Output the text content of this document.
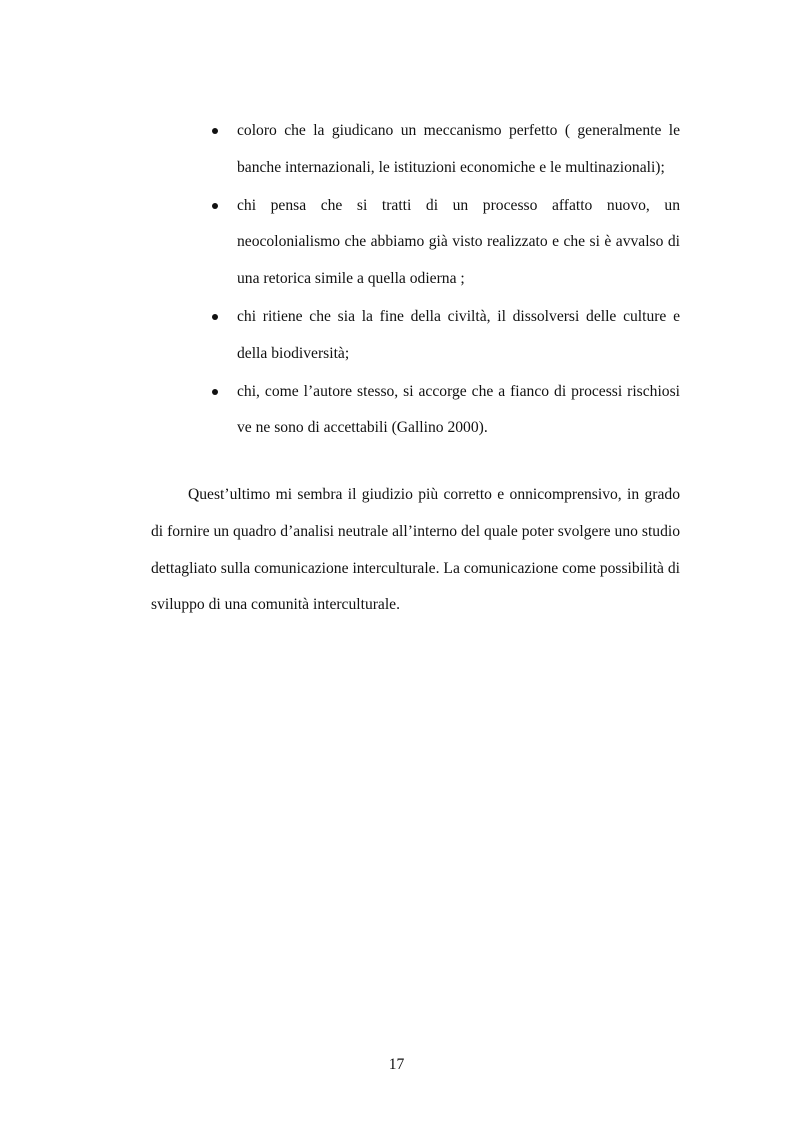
coloro che la giudicano un meccanismo perfetto ( generalmente le banche internazionali, le istituzioni economiche e le multinazionali);
chi pensa che si tratti di un processo affatto nuovo, un neocolonialismo che abbiamo già visto realizzato e che si è avvalso di una retorica simile a quella odierna ;
chi ritiene che sia la fine della civiltà, il dissolversi delle culture e della biodiversità;
chi, come l’autore stesso, si accorge che a fianco di processi rischiosi ve ne sono di accettabili (Gallino 2000).

Quest’ultimo mi sembra il giudizio più corretto e onnicomprensivo, in grado di fornire un quadro d’analisi neutrale all’interno del quale poter svolgere uno studio dettagliato sulla comunicazione interculturale. La comunicazione come possibilità di sviluppo di una comunità interculturale.

17
